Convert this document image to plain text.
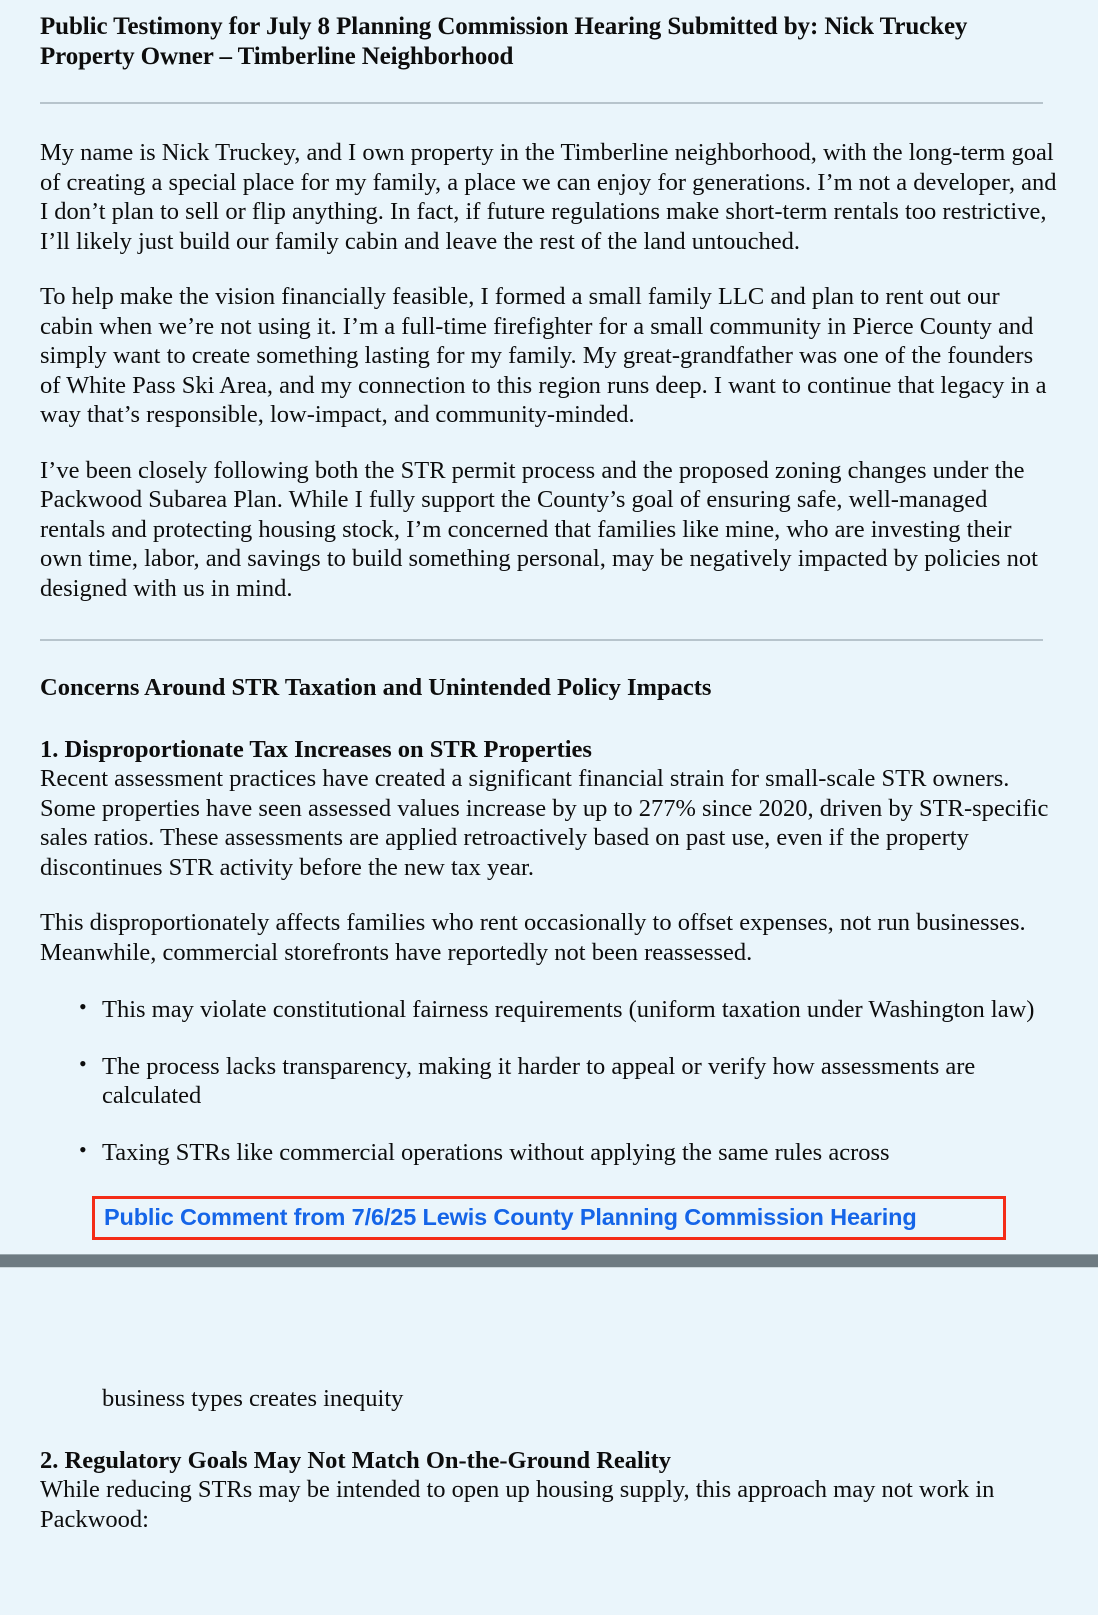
Public Testimony for July 8 Planning Commission Hearing Submitted by: Nick Truckey Property Owner – Timberline Neighborhood

My name is Nick Truckey, and I own property in the Timberline neighborhood, with the long-term goal of creating a special place for my family, a place we can enjoy for generations. I’m not a developer, and I don’t plan to sell or flip anything. In fact, if future regulations make short-term rentals too restrictive, I’ll likely just build our family cabin and leave the rest of the land untouched.

To help make the vision financially feasible, I formed a small family LLC and plan to rent out our cabin when we’re not using it. I’m a full-time firefighter for a small community in Pierce County and simply want to create something lasting for my family. My great-grandfather was one of the founders of White Pass Ski Area, and my connection to this region runs deep. I want to continue that legacy in a way that’s responsible, low-impact, and community-minded.

I’ve been closely following both the STR permit process and the proposed zoning changes under the Packwood Subarea Plan. While I fully support the County’s goal of ensuring safe, well-managed rentals and protecting housing stock, I’m concerned that families like mine, who are investing their own time, labor, and savings to build something personal, may be negatively impacted by policies not designed with us in mind.

Concerns Around STR Taxation and Unintended Policy Impacts
1. Disproportionate Tax Increases on STR Properties

Recent assessment practices have created a significant financial strain for small-scale STR owners. Some properties have seen assessed values increase by up to 277% since 2020, driven by STR-specific sales ratios. These assessments are applied retroactively based on past use, even if the property discontinues STR activity before the new tax year.

This disproportionately affects families who rent occasionally to offset expenses, not run businesses. Meanwhile, commercial storefronts have reportedly not been reassessed.

• This may violate constitutional fairness requirements (uniform taxation under Washington law)
• The process lacks transparency, making it harder to appeal or verify how assessments are calculated
• Taxing STRs like commercial operations without applying the same rules across
Public Comment from 7/6/25 Lewis County Planning Commission Hearing

business types creates inequity

2. Regulatory Goals May Not Match On-the-Ground Reality

While reducing STRs may be intended to open up housing supply, this approach may not work in Packwood:
